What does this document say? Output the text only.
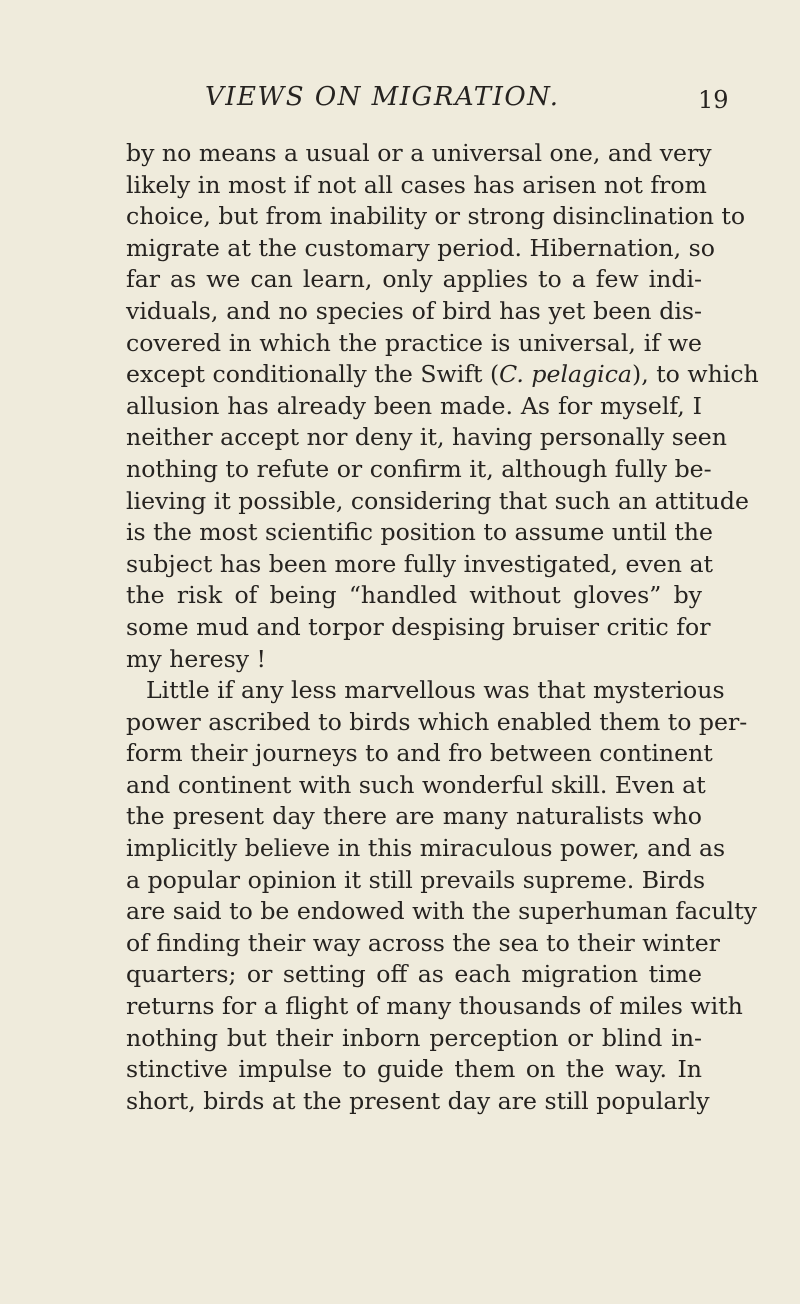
VIEWS ON MIGRATION.	19
by no means a usual or a universal one, and very
likely in most if not all cases has arisen not from
choice, but from inability or strong disinclination to
migrate at the customary period. Hibernation, so
far as we can learn, only applies to a few indi-
viduals, and no species of bird has yet been dis-
covered in which the practice is universal, if we
except conditionally the Swift (C. pelagica), to which
allusion has already been made. As for myself, I
neither accept nor deny it, having personally seen
nothing to refute or confirm it, although fully be-
lieving it possible, considering that such an attitude
is the most scientific position to assume until the
subject has been more fully investigated, even at
the risk of being “handled without gloves” by
some mud and torpor despising bruiser critic for
my heresy !
Little if any less marvellous was that mysterious
power ascribed to birds which enabled them to per-
form their journeys to and fro between continent
and continent with such wonderful skill. Even at
the present day there are many naturalists who
implicitly believe in this miraculous power, and as
a popular opinion it still prevails supreme. Birds
are said to be endowed with the superhuman faculty
of finding their way across the sea to their winter
quarters; or setting off as each migration time
returns for a flight of many thousands of miles with
nothing but their inborn perception or blind in-
stinctive impulse to guide them on the way. In
short, birds at the present day are still popularly
